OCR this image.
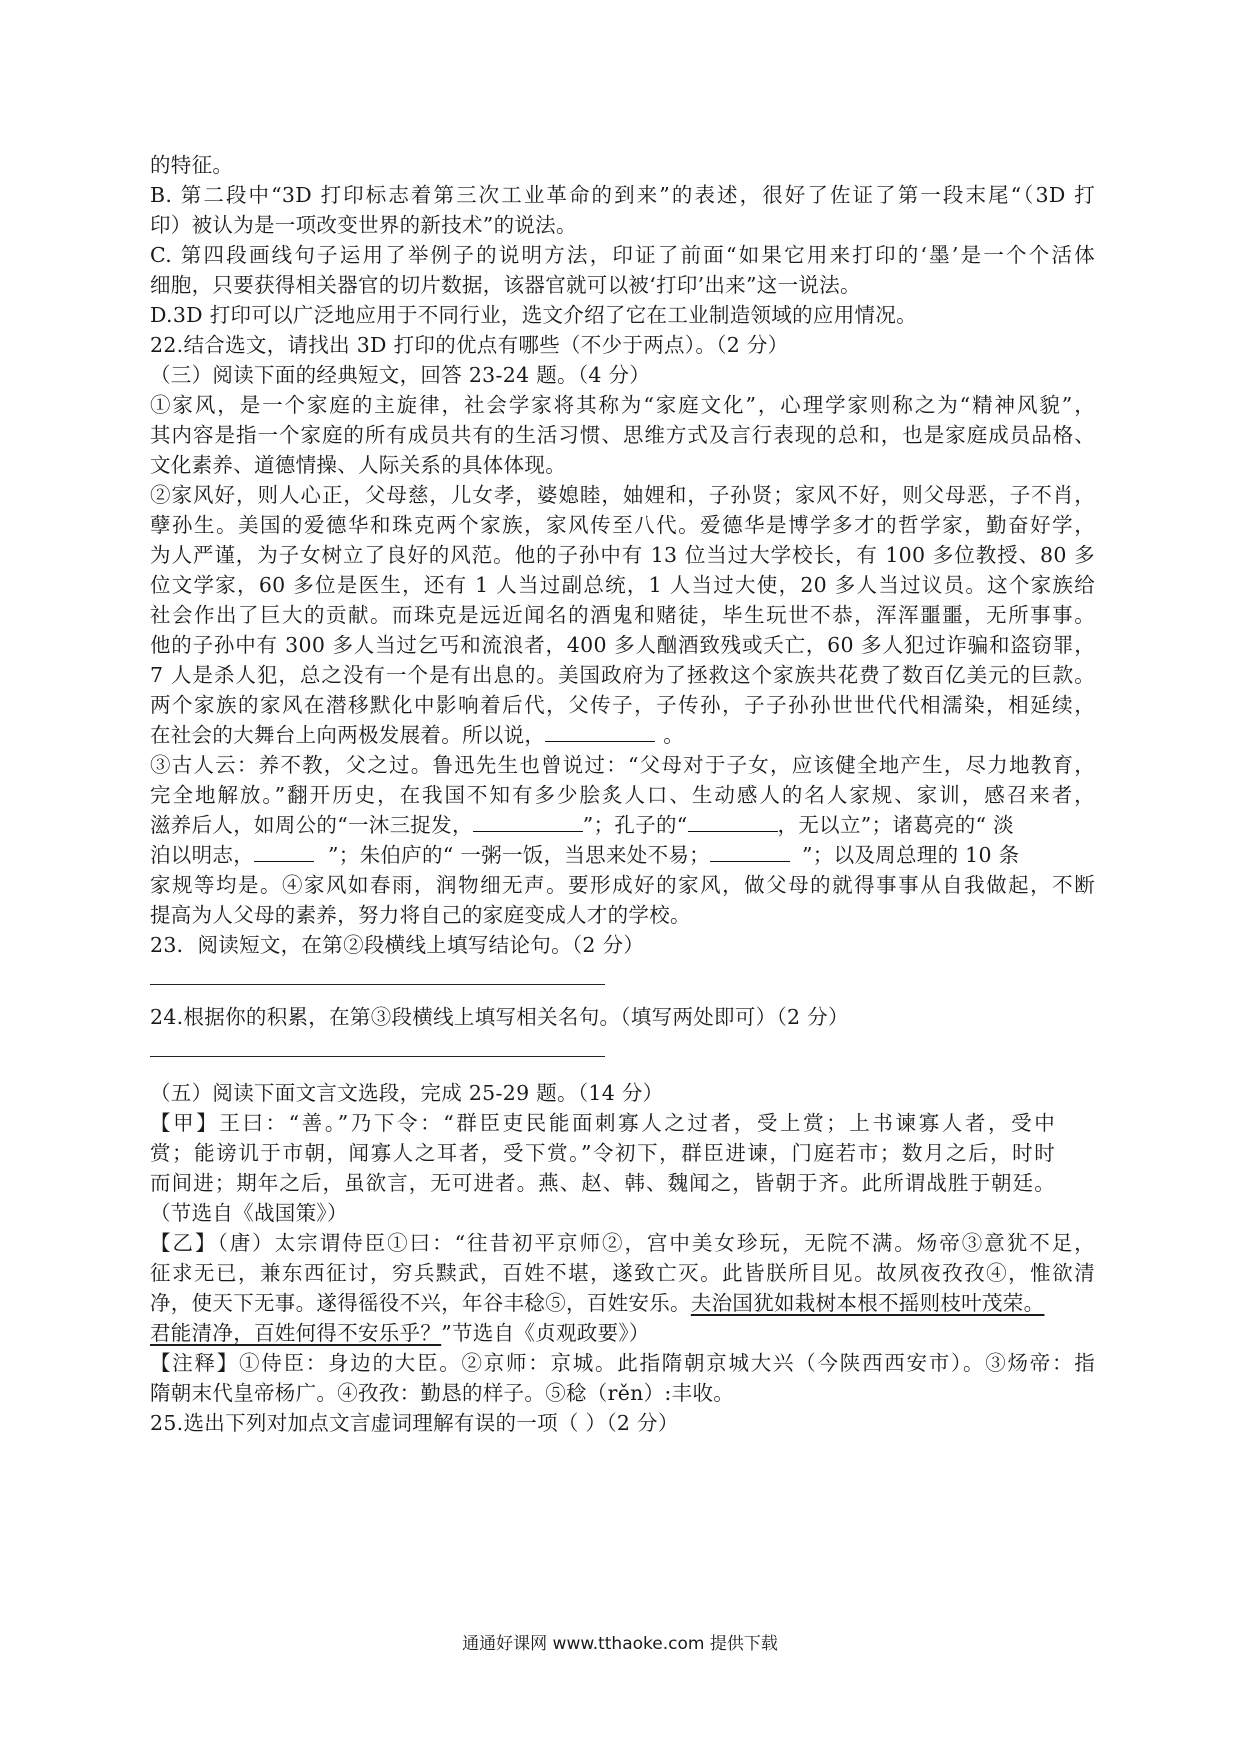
的特征。
B. 第二段中“3D 打印标志着第三次工业革命的到来”的表述，很好了佐证了第一段末尾“（3D 打
印）被认为是一项改变世界的新技术”的说法。
C. 第四段画线句子运用了举例子的说明方法，印证了前面“如果它用来打印的‘墨’是一个个活体
细胞，只要获得相关器官的切片数据，该器官就可以被‘打印’出来”这一说法。
D.3D 打印可以广泛地应用于不同行业，选文介绍了它在工业制造领域的应用情况。
22.结合选文，请找出 3D 打印的优点有哪些（不少于两点）。（2 分）
（三）阅读下面的经典短文，回答 23-24 题。（4 分）
①家风，是一个家庭的主旋律，社会学家将其称为“家庭文化”，心理学家则称之为“精神风貌”，
其内容是指一个家庭的所有成员共有的生活习惯、思维方式及言行表现的总和，也是家庭成员品格、
文化素养、道德情操、人际关系的具体体现。
②家风好，则人心正，父母慈，儿女孝，婆媳睦，妯娌和，子孙贤；家风不好，则父母恶，子不肖，
孽孙生。美国的爱德华和珠克两个家族，家风传至八代。爱德华是博学多才的哲学家，勤奋好学，
为人严谨，为子女树立了良好的风范。他的子孙中有 13 位当过大学校长，有 100 多位教授、80 多
位文学家，60 多位是医生，还有 1 人当过副总统，1 人当过大使，20 多人当过议员。这个家族给
社会作出了巨大的贡献。而珠克是远近闻名的酒鬼和赌徒，毕生玩世不恭，浑浑噩噩，无所事事。
他的子孙中有 300 多人当过乞丐和流浪者，400 多人酗酒致残或夭亡，60 多人犯过诈骗和盗窃罪，
7 人是杀人犯，总之没有一个是有出息的。美国政府为了拯救这个家族共花费了数百亿美元的巨款。
两个家族的家风在潜移默化中影响着后代，父传子，子传孙，子子孙孙世世代代相濡染，相延续，
在社会的大舞台上向两极发展着。所以说，	。
③古人云：养不教，父之过。鲁迅先生也曾说过：“父母对于子女，应该健全地产生，尽力地教育，
完全地解放。”翻开历史，在我国不知有多少脍炙人口、生动感人的名人家规、家训，感召来者，
滋养后人，如周公的“一沐三捉发，	”；孔子的“	，无以立”；诸葛亮的“ 淡
泊以明志，	”；朱伯庐的“ 一粥一饭，当思来处不易；	”；以及周总理的 10 条
家规等均是。④家风如春雨，润物细无声。要形成好的家风，做父母的就得事事从自我做起，不断
提高为人父母的素养，努力将自己的家庭变成人才的学校。
23．阅读短文，在第②段横线上填写结论句。（2 分）
24.根据你的积累，在第③段横线上填写相关名句。（填写两处即可）（2 分）
（五）阅读下面文言文选段，完成 25-29 题。（14 分）
【甲】王曰：“善。”乃下令：“群臣吏民能面刺寡人之过者，受上赏；上书谏寡人者，受中
赏；能谤讥于市朝，闻寡人之耳者，受下赏。”令初下，群臣进谏，门庭若市；数月之后，时时
而间进；期年之后，虽欲言，无可进者。燕、赵、韩、魏闻之，皆朝于齐。此所谓战胜于朝廷。
（节选自《战国策》）
【乙】（唐）太宗谓侍臣①曰：“往昔初平京师②，宫中美女珍玩，无院不满。炀帝③意犹不足，
征求无已，兼东西征讨，穷兵黩武，百姓不堪，遂致亡灭。此皆朕所目见。故夙夜孜孜④，惟欲清
净，使天下无事。遂得徭役不兴，年谷丰稔⑤，百姓安乐。夫治国犹如栽树本根不摇则枝叶茂荣。
君能清净，百姓何得不安乐乎？”节选自《贞观政要》）
【注释】①侍臣：身边的大臣。②京师：京城。此指隋朝京城大兴（今陕西西安市）。③炀帝：指
隋朝末代皇帝杨广。④孜孜：勤恳的样子。⑤稔（rěn）:丰收。
25.选出下列对加点文言虚词理解有误的一项（ ）（2 分）
通通好课网 www.tthaoke.com 提供下载
